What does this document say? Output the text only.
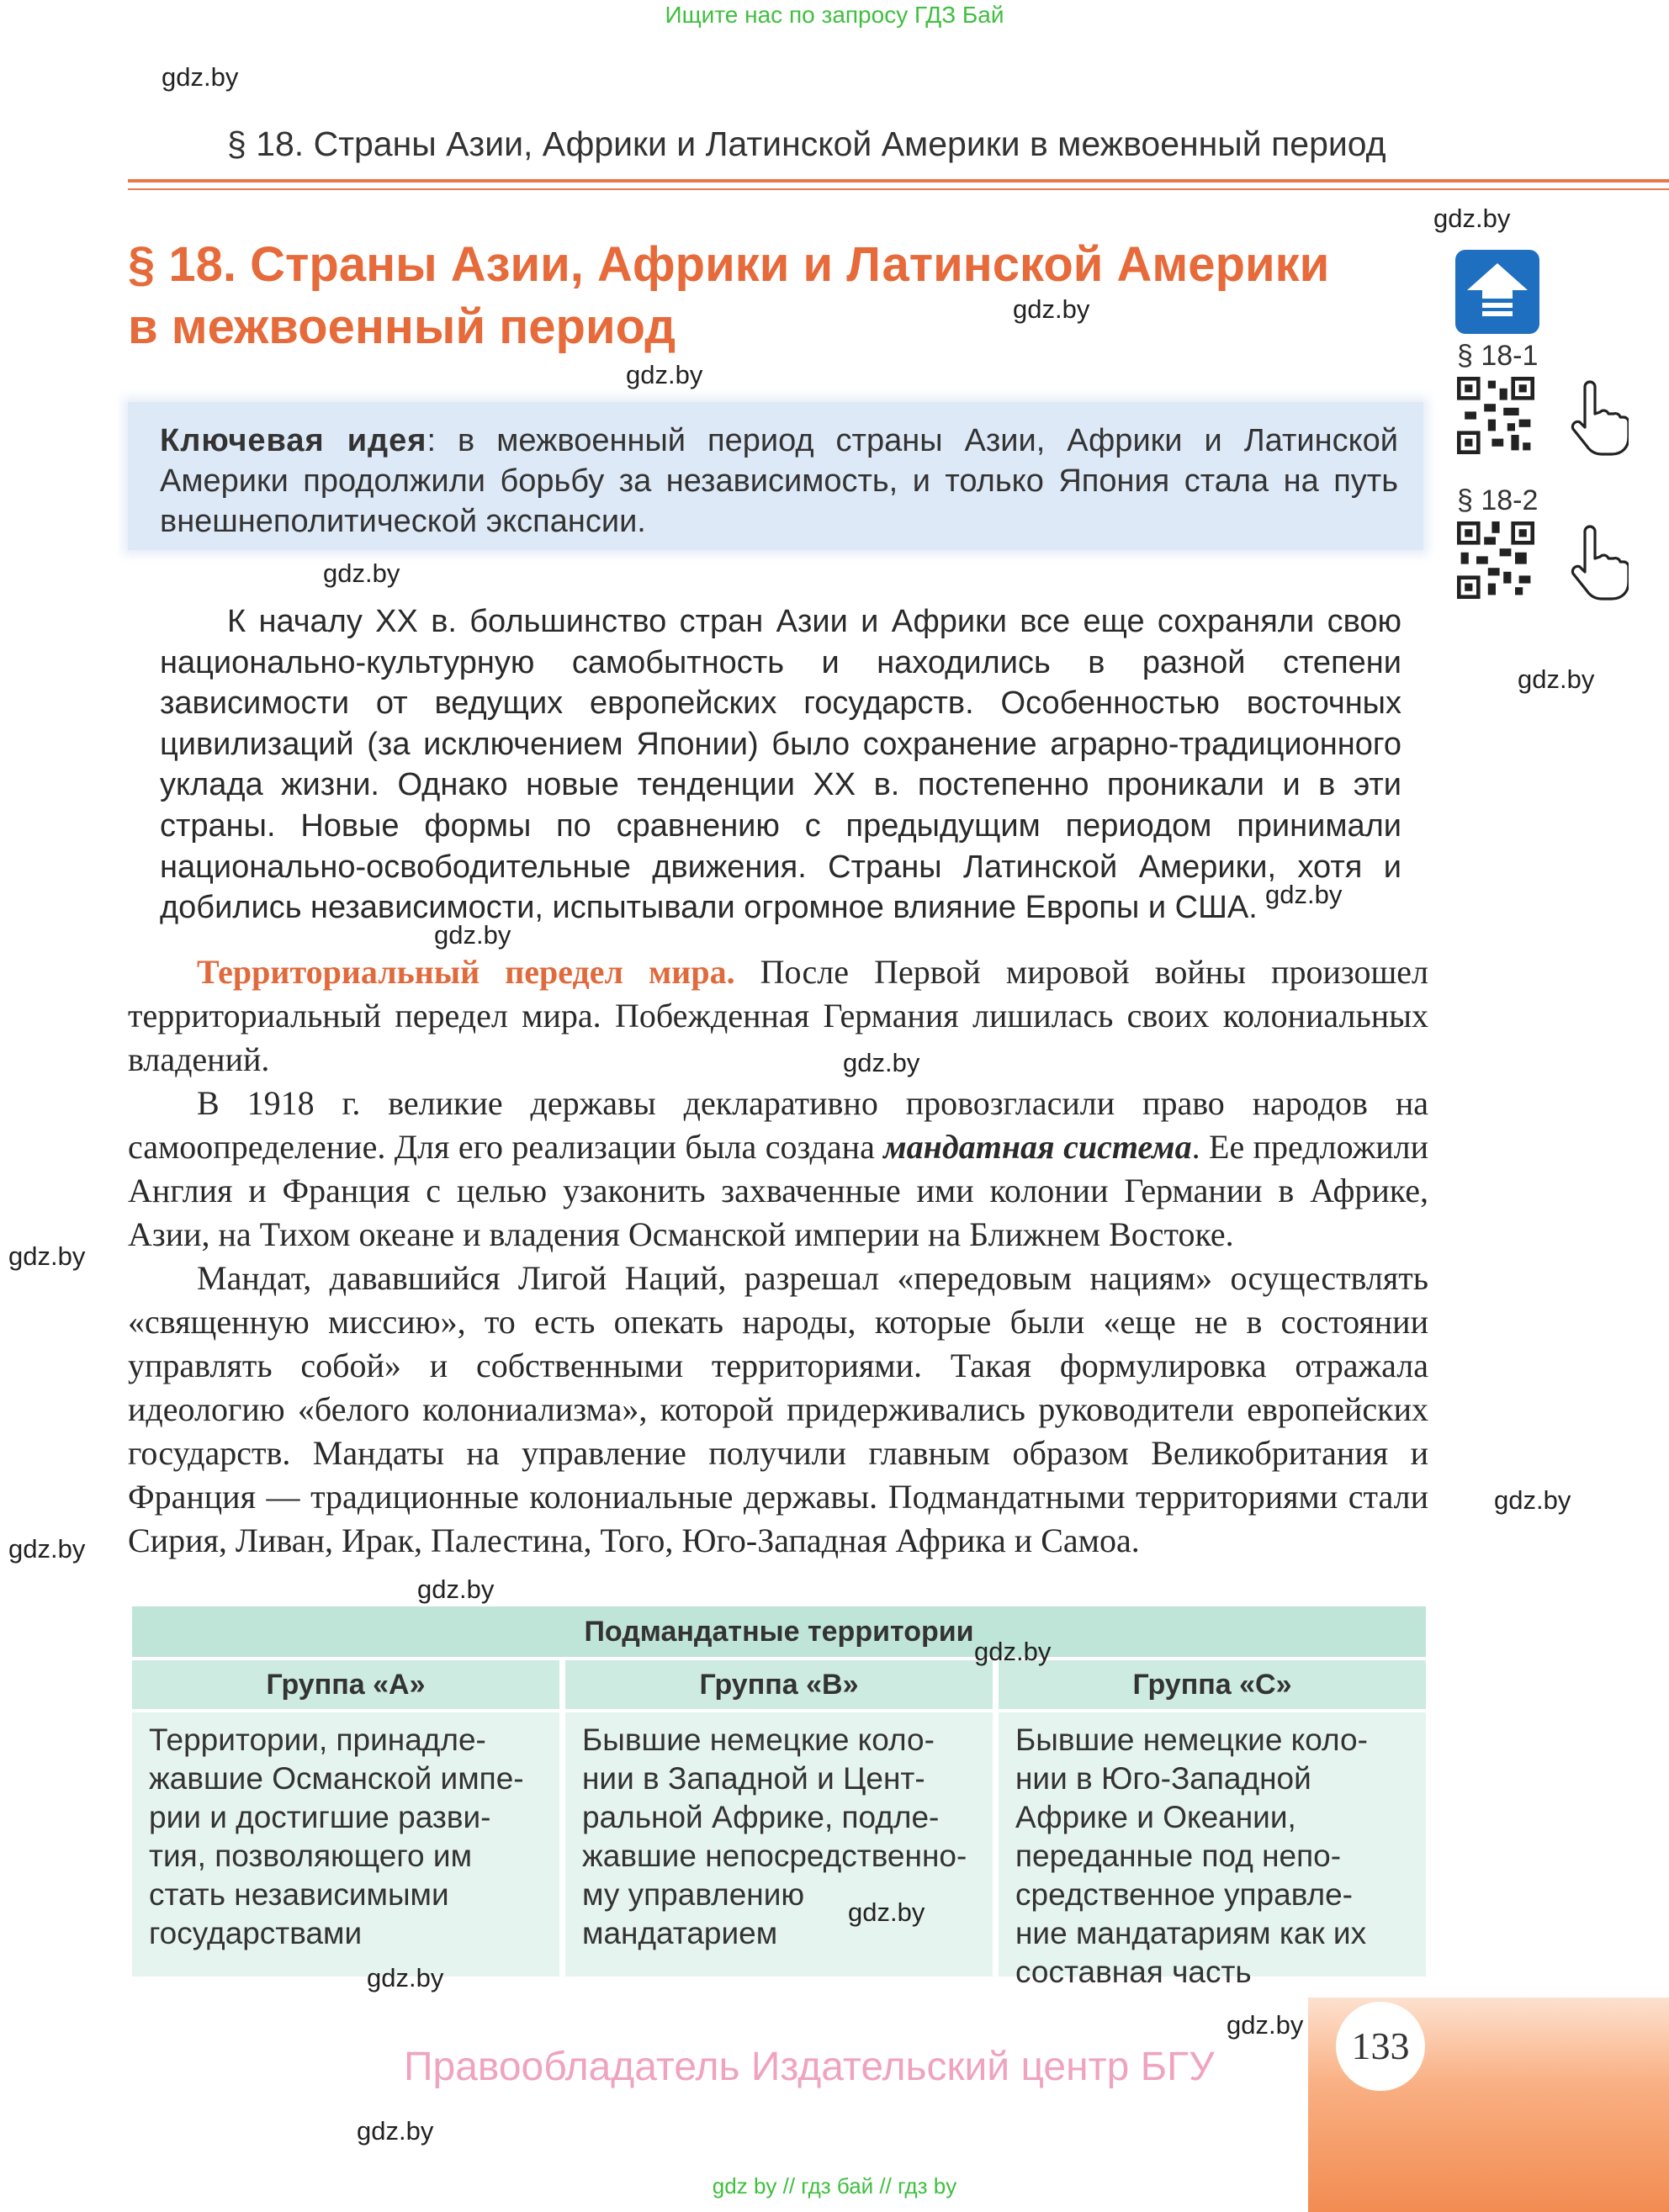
Ищите нас по запросу ГДЗ Бай
gdz.by
gdz.by
gdz.by
gdz.by
gdz.by
gdz.by
gdz.by
gdz.by
gdz.by
gdz.by
gdz.by
gdz.by
gdz.by
gdz.by
gdz.by
gdz.by
gdz.by
gdz.by
§ 18. Страны Азии, Африки и Латинской Америки в межвоенный период
§ 18. Страны Азии, Африки и Латинской Америки
в межвоенный период
Ключевая идея: в межвоенный период страны Азии, Африки и Латинской Америки продолжили борьбу за независимость, и только Япония стала на путь внешнеполитической экспансии.
К началу XX в. большинство стран Азии и Африки все еще сохраняли свою национально-культурную самобытность и находились в разной степени зависимости от ведущих европейских государств. Особенностью восточных цивилизаций (за исключением Японии) было сохранение аграрно-традиционного уклада жизни. Однако новые тенденции XX в. постепенно проникали и в эти страны. Новые формы по сравнению с предыдущим периодом принимали национально-освободительные движения. Страны Латинской Америки, хотя и добились независимости, испытывали огромное влияние Европы и США.
Территориальный передел мира. После Первой мировой войны произошел территориальный передел мира. Побежденная Германия лишилась своих колониальных владений.
В 1918 г. великие державы декларативно провозгласили право народов на самоопределение. Для его реализации была создана мандатная система. Ее предложили Англия и Франция с целью узаконить захваченные ими колонии Германии в Африке, Азии, на Тихом океане и владения Османской империи на Ближнем Востоке.
Мандат, дававшийся Лигой Наций, разрешал «передовым нациям» осуществлять «священную миссию», то есть опекать народы, которые были «еще не в состоянии управлять собой» и собственными территориями. Такая формулировка отражала идеологию «белого колониализма», которой придерживались руководители европейских государств. Мандаты на управление получили главным образом Великобритания и Франция — традиционные колониальные державы. Подмандатными территориями стали Сирия, Ливан, Ирак, Палестина, Того, Юго-Западная Африка и Самоа.
Подмандатные территории
Группа «А»
Территории, принадле-
жавшие Османской импе-
рии и достигшие разви-
тия, позволяющего им
стать независимыми
государствами
Группа «В»
Бывшие немецкие коло-
нии в Западной и Цент-
ральной Африке, подле-
жавшие непосредственно-
му управлению
мандатарием
Группа «С»
Бывшие немецкие коло-
нии в Юго-Западной
Африке и Океании,
переданные под непо-
средственное управле-
ние мандатариям как их
составная часть
§ 18-1
§ 18-2
133
Правообладатель Издательский центр БГУ
gdz by // гдз бай // гдз by
